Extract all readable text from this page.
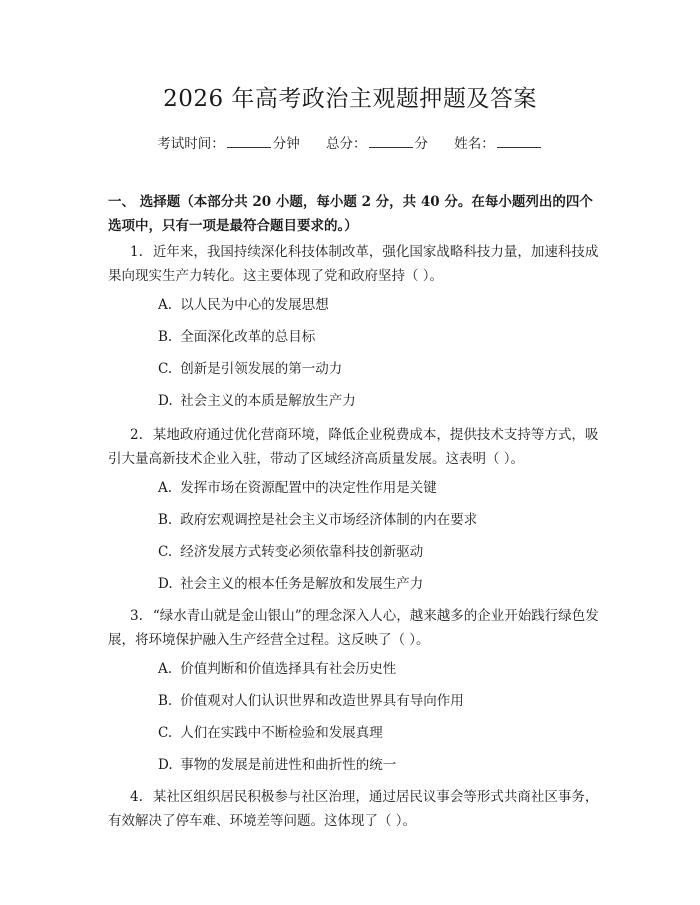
2026 年高考政治主观题押题及答案
考试时间：	分钟 总分：	分 姓名：
一、 选择题（本部分共 20 小题，每小题 2 分，共 40 分。在每小题列出的四个选项中，只有一项是最符合题目要求的。）
1. 近年来，我国持续深化科技体制改革，强化国家战略科技力量，加速科技成果向现实生产力转化。这主要体现了党和政府坚持（ ）。
A. 以人民为中心的发展思想
B. 全面深化改革的总目标
C. 创新是引领发展的第一动力
D. 社会主义的本质是解放生产力
2. 某地政府通过优化营商环境，降低企业税费成本，提供技术支持等方式，吸引大量高新技术企业入驻，带动了区域经济高质量发展。这表明（ ）。
A. 发挥市场在资源配置中的决定性作用是关键
B. 政府宏观调控是社会主义市场经济体制的内在要求
C. 经济发展方式转变必须依靠科技创新驱动
D. 社会主义的根本任务是解放和发展生产力
3. “绿水青山就是金山银山”的理念深入人心，越来越多的企业开始践行绿色发展，将环境保护融入生产经营全过程。这反映了（ ）。
A. 价值判断和价值选择具有社会历史性
B. 价值观对人们认识世界和改造世界具有导向作用
C. 人们在实践中不断检验和发展真理
D. 事物的发展是前进性和曲折性的统一
4. 某社区组织居民积极参与社区治理，通过居民议事会等形式共商社区事务，有效解决了停车难、环境差等问题。这体现了（ ）。
